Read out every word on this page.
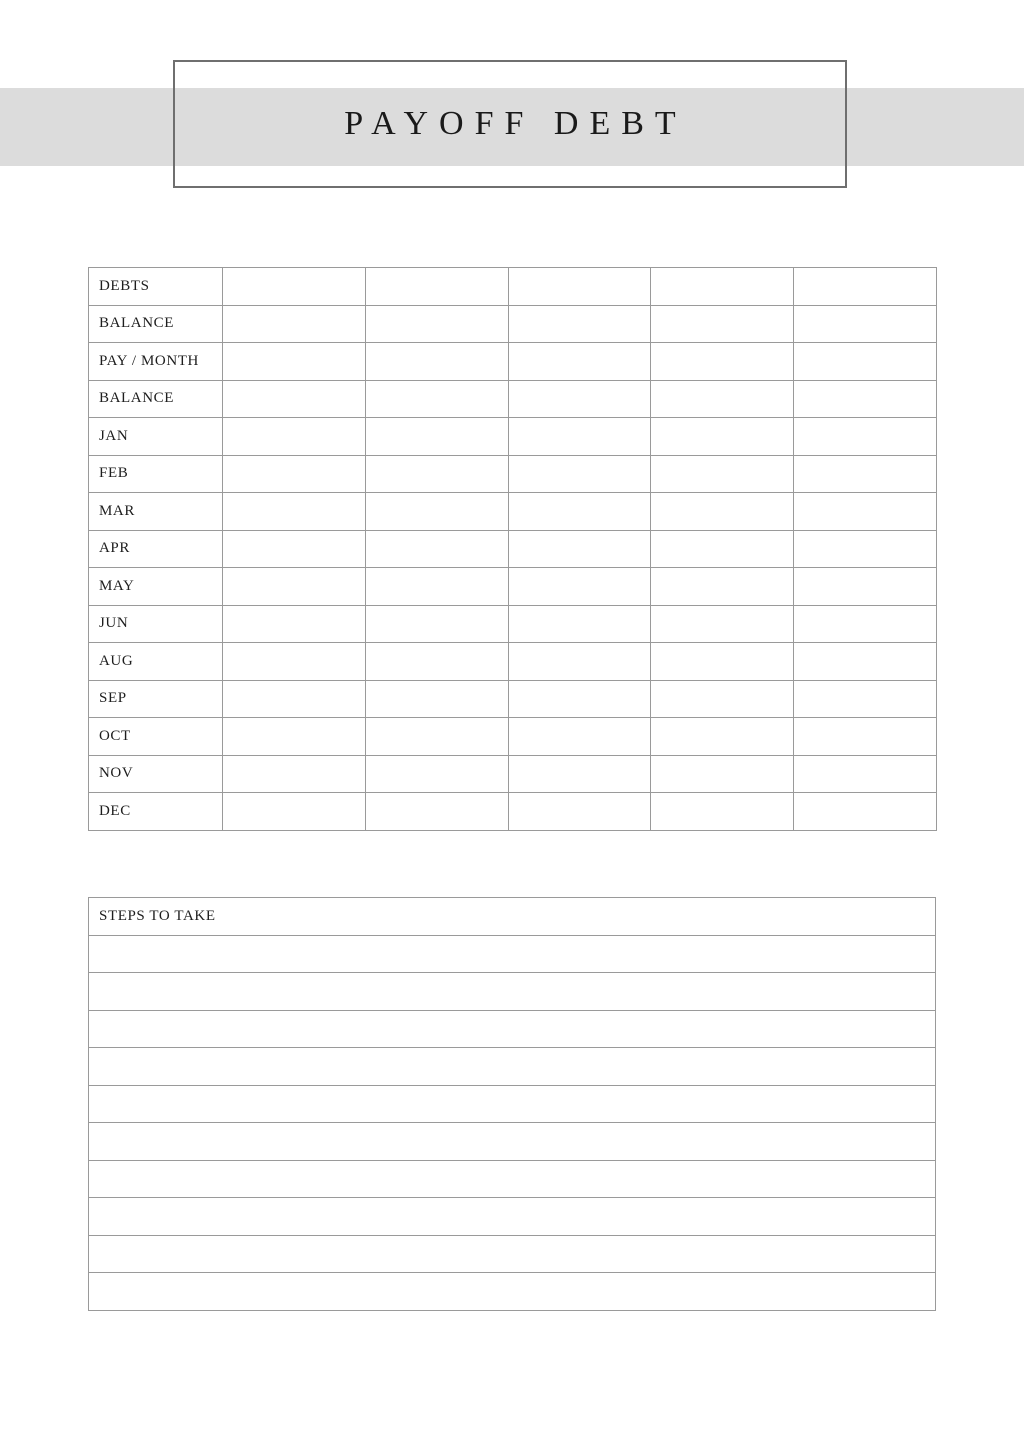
PAYOFF DEBT
DEBTS					
BALANCE					
PAY / MONTH					
BALANCE					
JAN					
FEB					
MAR					
APR					
MAY					
JUN					
AUG					
SEP					
OCT					
NOV					
DEC					
STEPS TO TAKE
